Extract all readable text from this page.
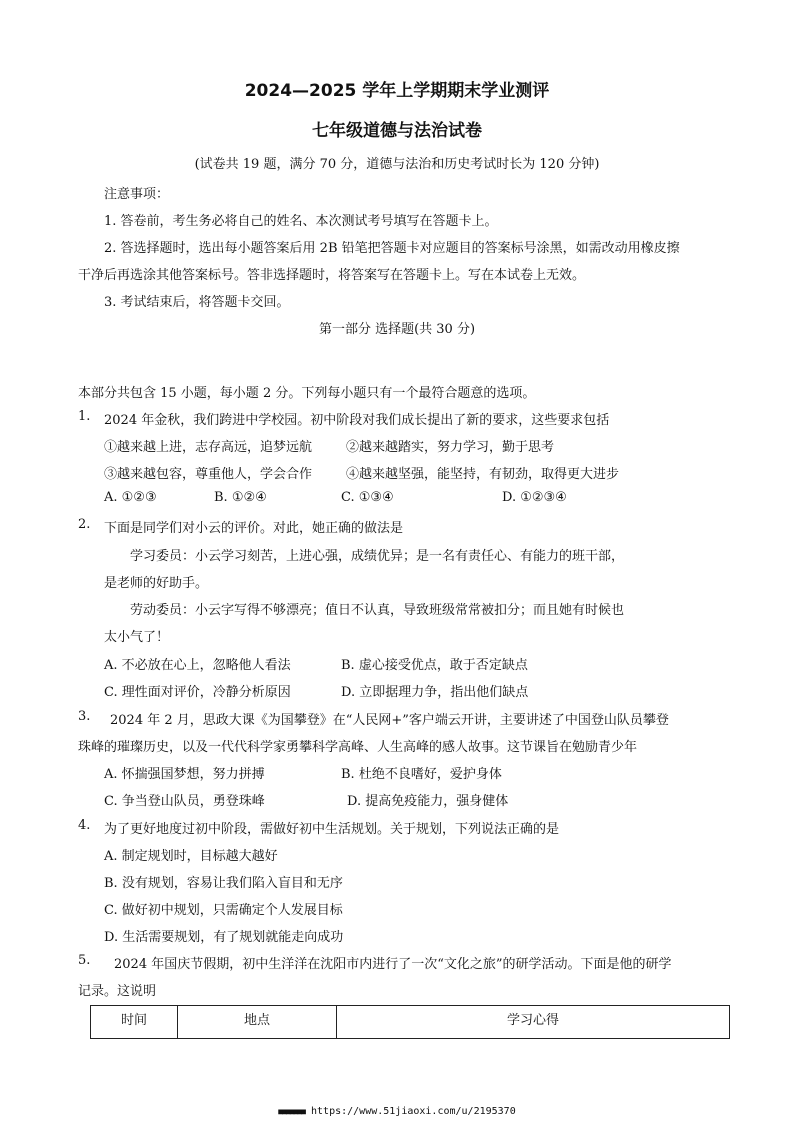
2024—2025 学年上学期期末学业测评
七年级道德与法治试卷
(试卷共 19 题，满分 70 分，道德与法治和历史考试时长为 120 分钟)
注意事项：
1. 答卷前，考生务必将自己的姓名、本次测试考号填写在答题卡上。
2. 答选择题时，选出每小题答案后用 2B 铅笔把答题卡对应题目的答案标号涂黑，如需改动用橡皮擦
干净后再选涂其他答案标号。答非选择题时，将答案写在答题卡上。写在本试卷上无效。
3. 考试结束后，将答题卡交回。
第一部分 选择题(共 30 分)
本部分共包含 15 小题，每小题 2 分。下列每小题只有一个最符合题意的选项。
1. 2024 年金秋，我们跨进中学校园。初中阶段对我们成长提出了新的要求，这些要求包括
①越来越上进，志存高远，追梦远航	②越来越踏实，努力学习，勤于思考
③越来越包容，尊重他人，学会合作	④越来越坚强，能坚持，有韧劲，取得更大进步
A. ①②③	B. ①②④	C. ①③④	D. ①②③④
2. 下面是同学们对小云的评价。对此，她正确的做法是
学习委员：小云学习刻苦，上进心强，成绩优异；是一名有责任心、有能力的班干部，
是老师的好助手。
劳动委员：小云字写得不够漂亮；值日不认真，导致班级常常被扣分；而且她有时候也
太小气了！
A. 不必放在心上，忽略他人看法	B. 虚心接受优点，敢于否定缺点
C. 理性面对评价，冷静分析原因	D. 立即据理力争，指出他们缺点
3. 2024 年 2 月，思政大课《为国攀登》在“人民网+”客户端云开讲，主要讲述了中国登山队员攀登
珠峰的璀璨历史，以及一代代科学家勇攀科学高峰、人生高峰的感人故事。这节课旨在勉励青少年
A. 怀揣强国梦想，努力拼搏	B. 杜绝不良嗜好，爱护身体
C. 争当登山队员，勇登珠峰	D. 提高免疫能力，强身健体
4. 为了更好地度过初中阶段，需做好初中生活规划。关于规划，下列说法正确的是
A. 制定规划时，目标越大越好
B. 没有规划，容易让我们陷入盲目和无序
C. 做好初中规划，只需确定个人发展目标
D. 生活需要规划，有了规划就能走向成功
5. 2024 年国庆节假期，初中生洋洋在沈阳市内进行了一次“文化之旅”的研学活动。下面是他的研学
记录。这说明
时间	地点	学习心得
■■■■■■■ https://www.51jiaoxi.com/u/2195370
